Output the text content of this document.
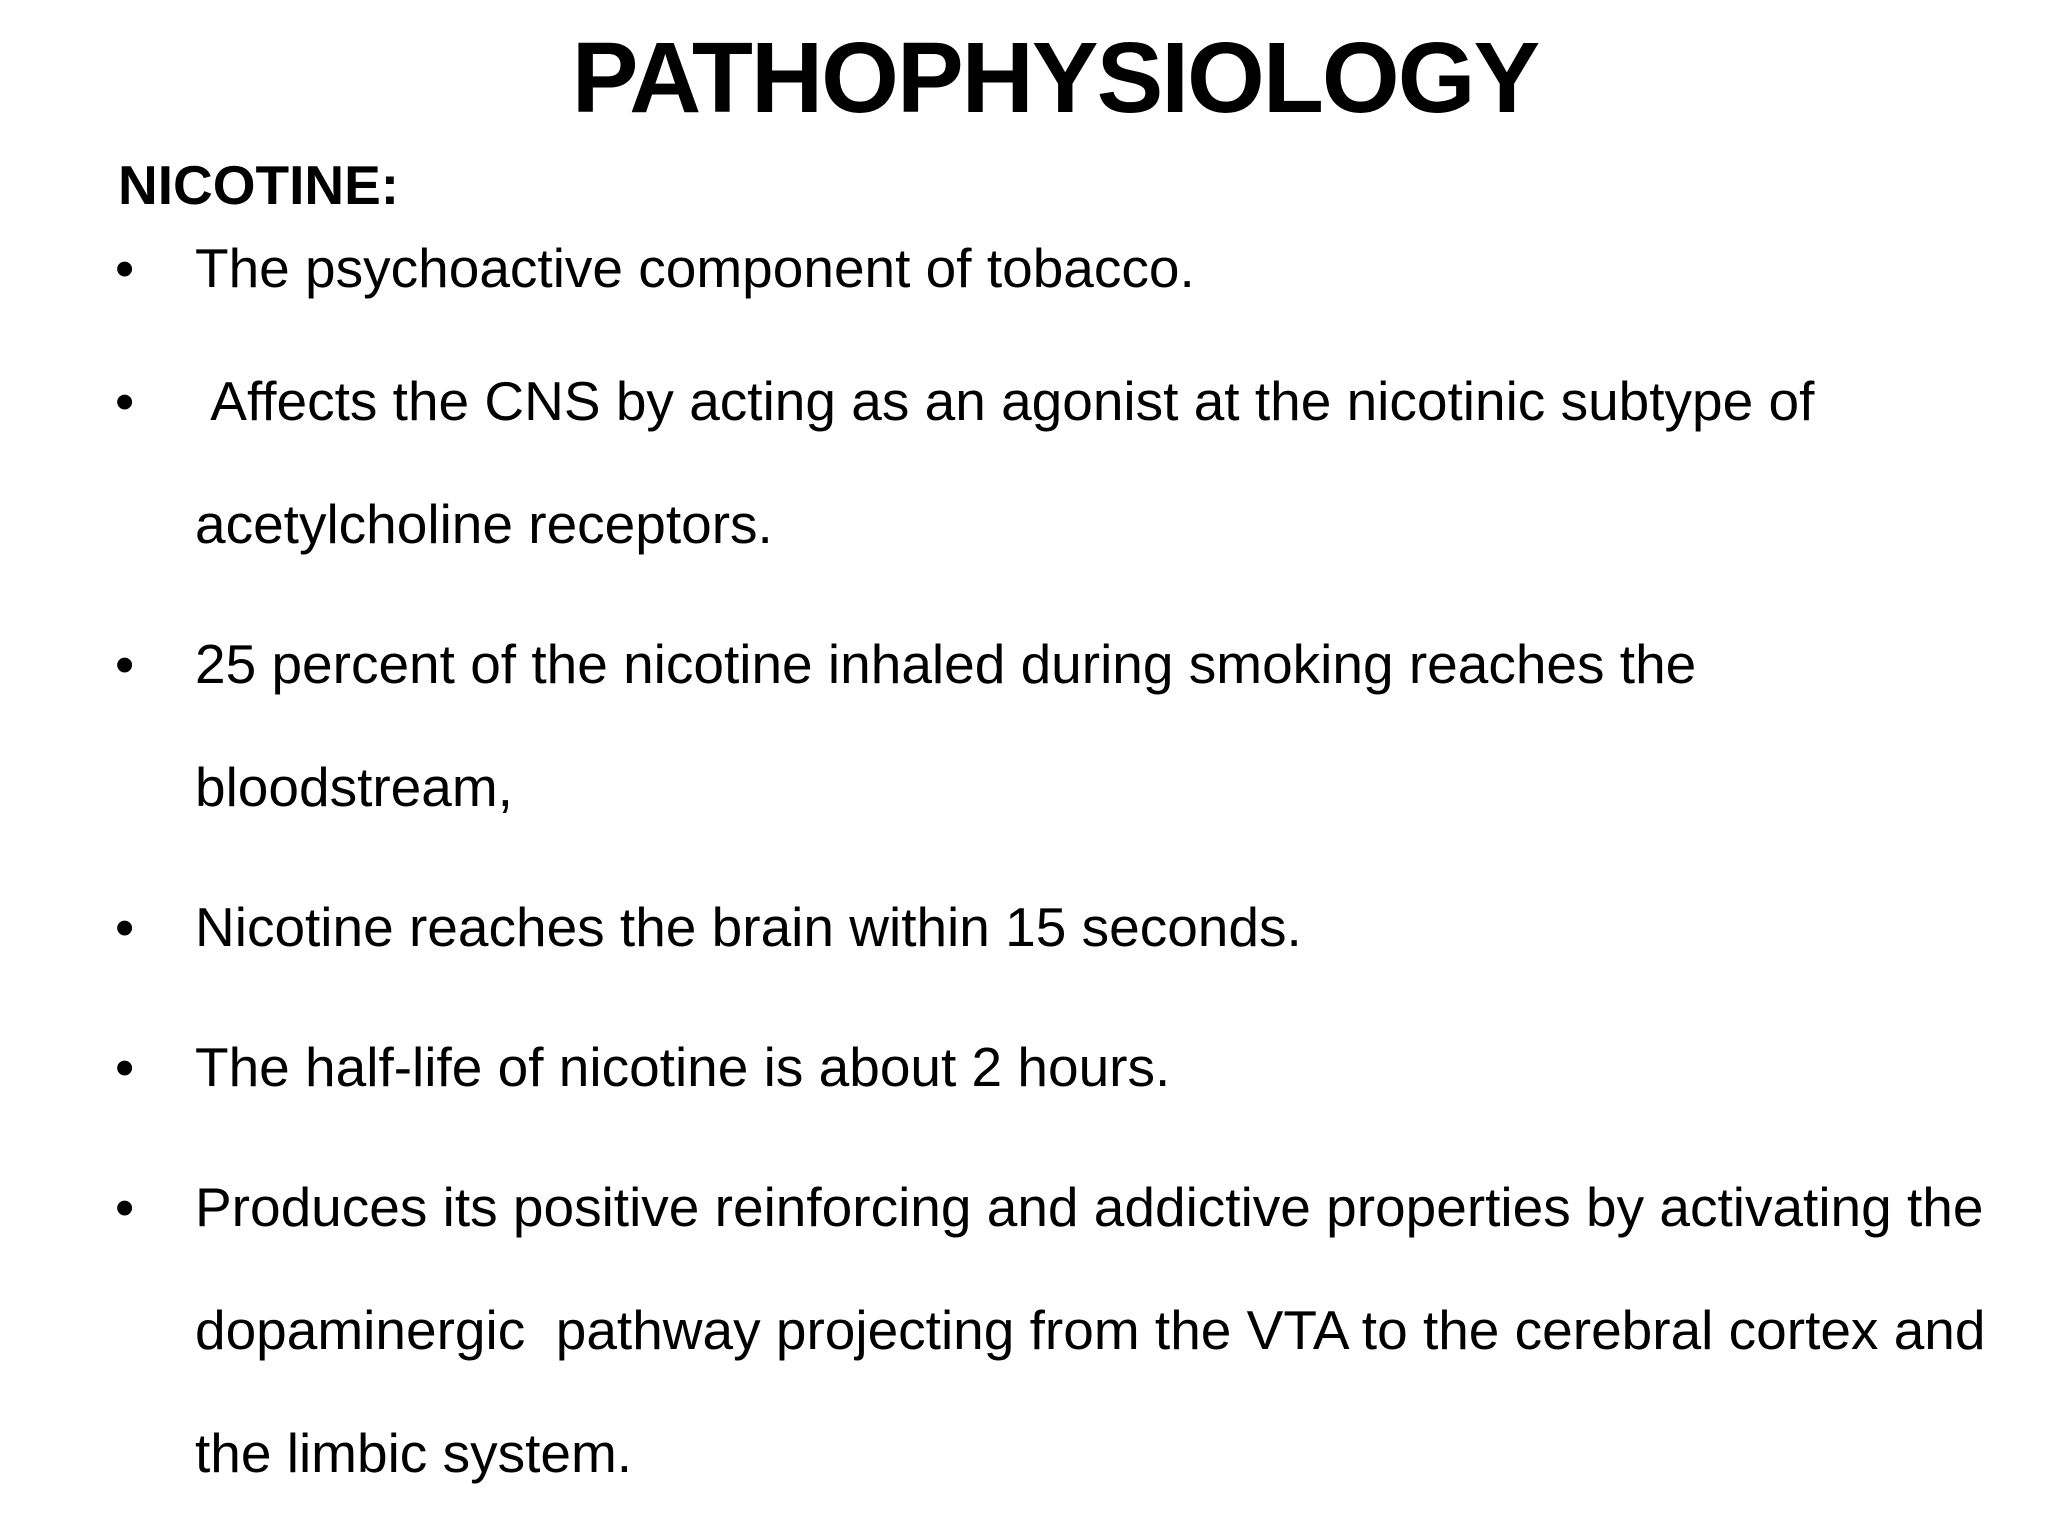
PATHOPHYSIOLOGY
NICOTINE:
• The psychoactive component of tobacco.
• Affects the CNS by acting as an agonist at the nicotinic subtype of acetylcholine receptors.
• 25 percent of the nicotine inhaled during smoking reaches the bloodstream,
• Nicotine reaches the brain within 15 seconds.
• The half-life of nicotine is about 2 hours.
• Produces its positive reinforcing and addictive properties by activating the dopaminergic  pathway projecting from the VTA to the cerebral cortex and the limbic system.
